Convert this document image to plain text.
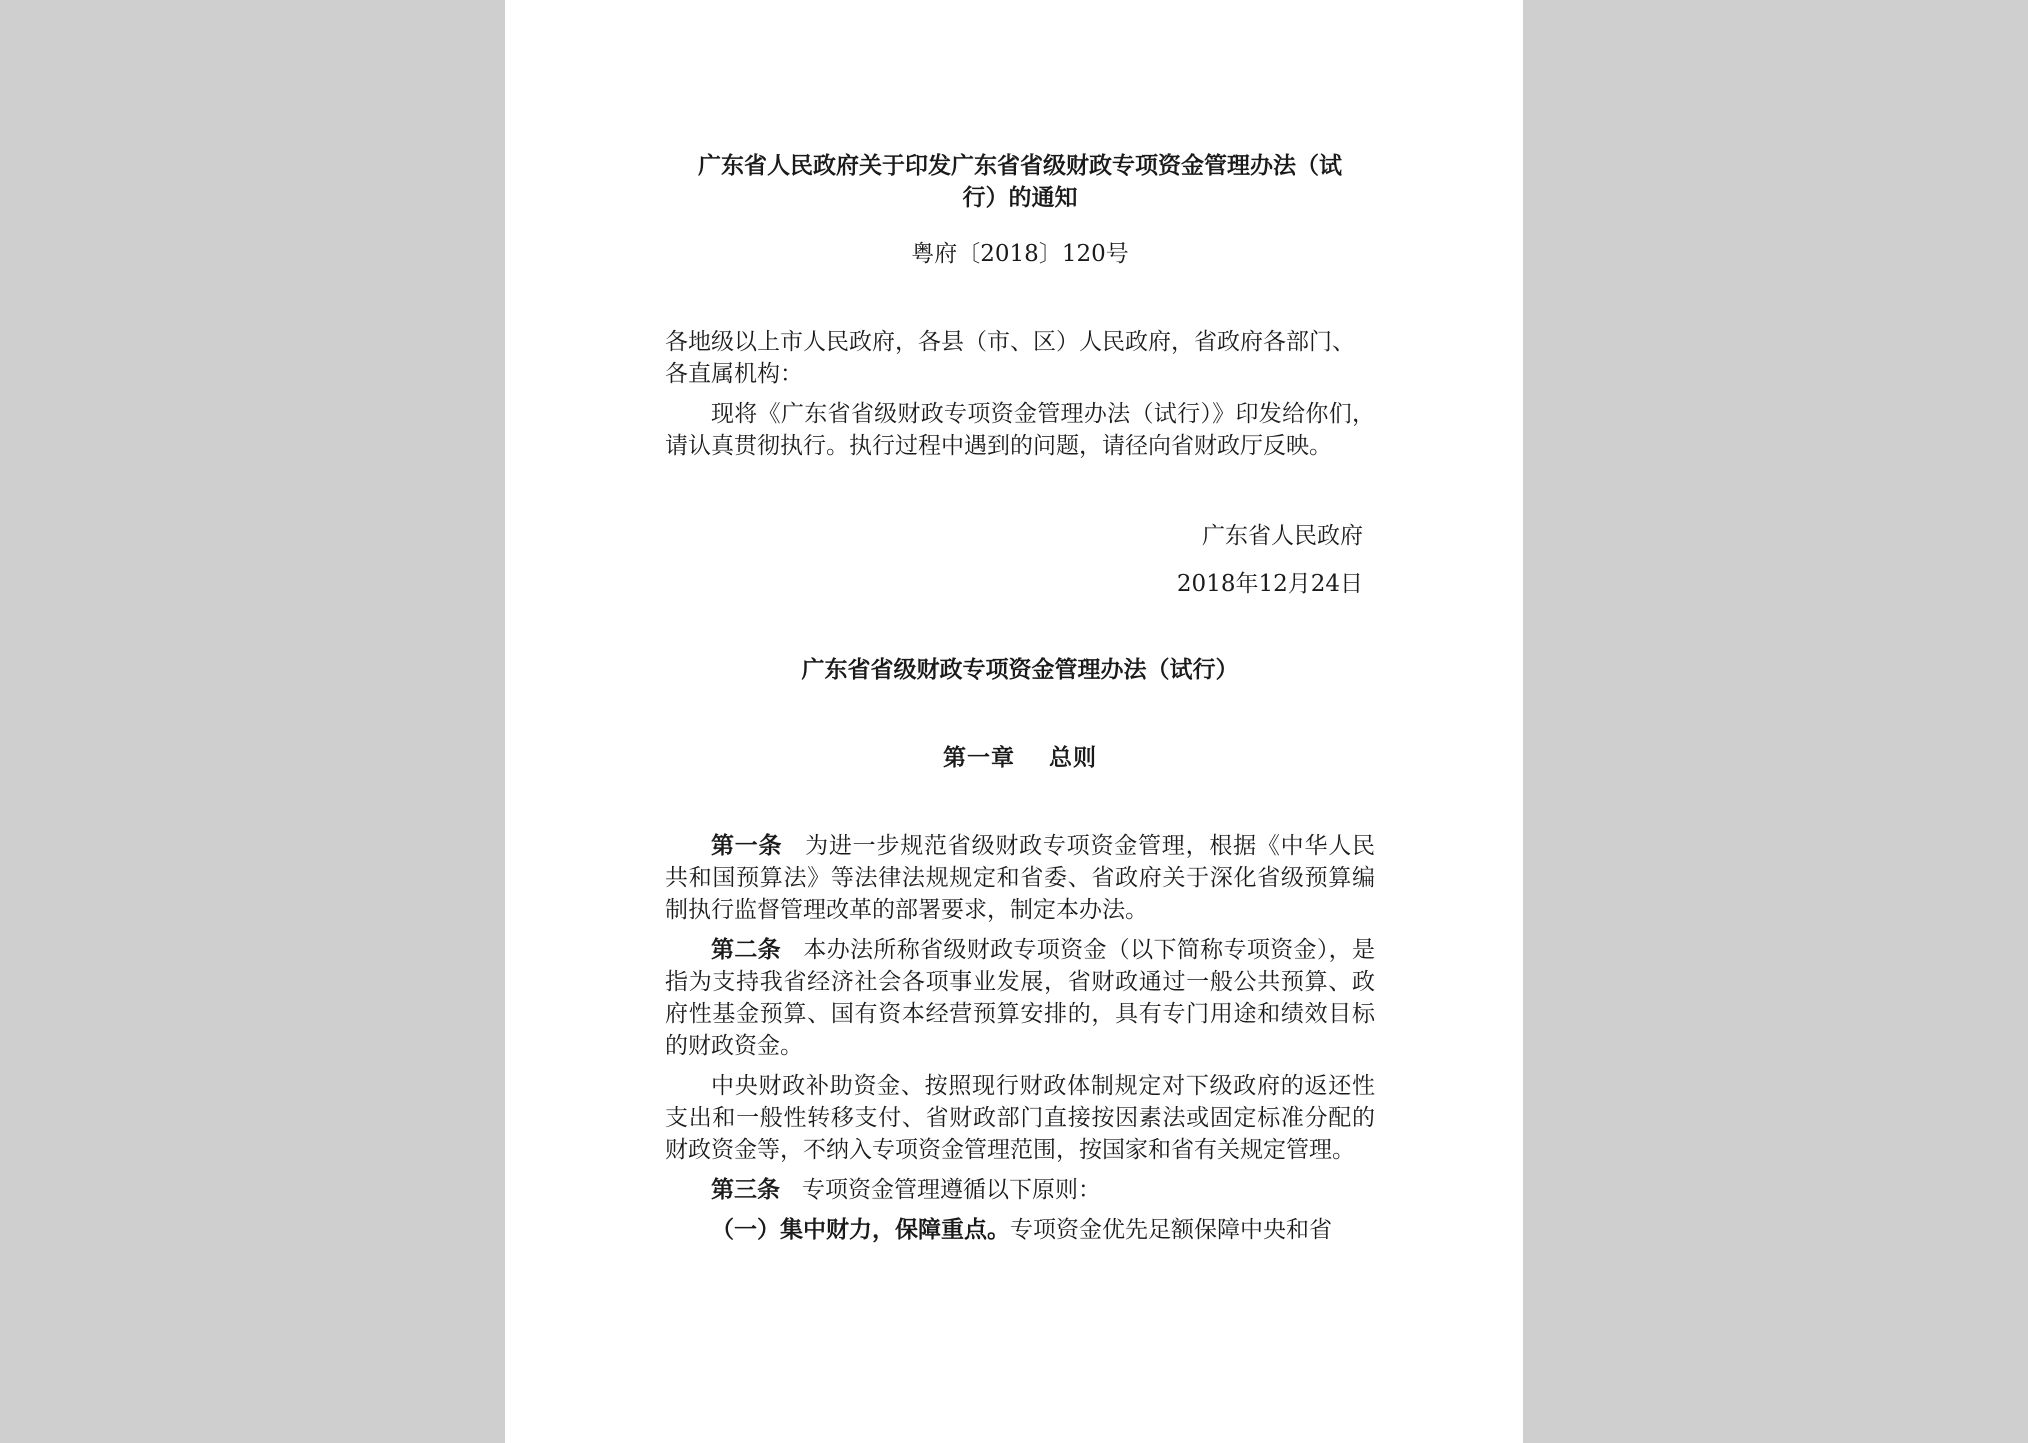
广东省人民政府关于印发广东省省级财政专项资金管理办法（试行）的通知
粤府〔2018〕120号
各地级以上市人民政府，各县（市、区）人民政府，省政府各部门、各直属机构：
现将《广东省省级财政专项资金管理办法（试行）》印发给你们，请认真贯彻执行。执行过程中遇到的问题，请径向省财政厅反映。
广东省人民政府
2018年12月24日
广东省省级财政专项资金管理办法（试行）
第一章 总则
第一条 为进一步规范省级财政专项资金管理，根据《中华人民共和国预算法》等法律法规规定和省委、省政府关于深化省级预算编制执行监督管理改革的部署要求，制定本办法。
第二条 本办法所称省级财政专项资金（以下简称专项资金），是指为支持我省经济社会各项事业发展，省财政通过一般公共预算、政府性基金预算、国有资本经营预算安排的，具有专门用途和绩效目标的财政资金。
中央财政补助资金、按照现行财政体制规定对下级政府的返还性支出和一般性转移支付、省财政部门直接按因素法或固定标准分配的财政资金等，不纳入专项资金管理范围，按国家和省有关规定管理。
第三条 专项资金管理遵循以下原则：
（一）集中财力，保障重点。专项资金优先足额保障中央和省
